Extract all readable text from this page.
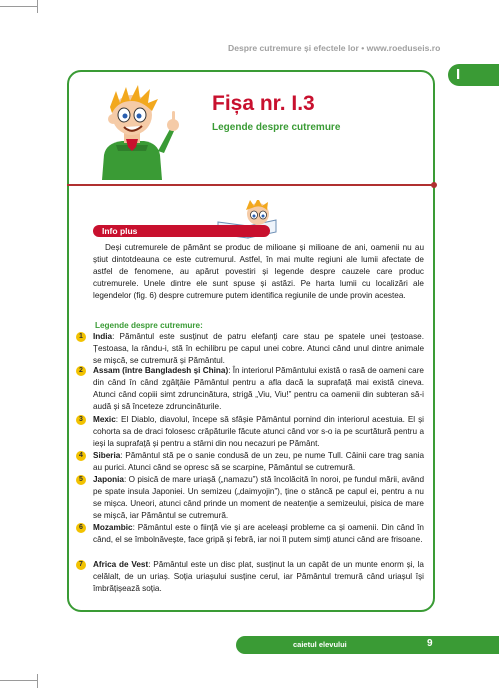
Despre cutremure și efectele lor • www.roeduseis.ro
I
Fișa nr. I.3
Legende despre cutremure
Info plus

Deși cutremurele de pământ se produc de milioane și milioane de ani, oamenii nu au știut dintotdeauna ce este cutremurul. Astfel, în mai multe regiuni ale lumii afectate de astfel de fenomene, au apărut povestiri și legende despre cauzele care produc cutremurele. Unele dintre ele sunt spuse și astăzi. Pe harta lumii cu localizări ale legendelor (fig. 6) despre cutremure putem identifica regiunile de unde provin acestea.

Legende despre cutremure:
1	India: Pământul este susținut de patru elefanți care stau pe spatele unei țestoase. Țestoasa, la rându-i, stă în echilibru pe capul unei cobre. Atunci când unul dintre animale se mișcă, se cutremură și Pământul.

2	Assam (între Bangladesh și China): În interiorul Pământului există o rasă de oameni care din când în când zgâlțâie Pământul pentru a afla dacă la suprafață mai există cineva. Atunci când copiii simt zdruncinătura, strigă „Viu, Viu!” pentru ca oamenii din subteran să-i audă și să înceteze zdruncinăturile.

3	Mexic: El Diablo, diavolul, începe să sfâșie Pământul pornind din interiorul acestuia. El și cohorta sa de draci folosesc crăpăturile făcute atunci când vor s-o ia pe scurtătură pentru a ieși la suprafață și pentru a stârni din nou necazuri pe Pământ.

4	Siberia: Pământul stă pe o sanie condusă de un zeu, pe nume Tull. Câinii care trag sania au purici. Atunci când se opresc să se scarpine, Pământul se cutremură.

5	Japonia: O pisică de mare uriașă („namazu”) stă încolăcită în noroi, pe fundul mării, având pe spate insula Japoniei. Un semizeu („daimyojin”), ține o stâncă pe capul ei, pentru a nu se mișca. Uneori, atunci când prinde un moment de neatenție a semizeului, pisica de mare se mișcă, iar Pământul se cutremură.

6	Mozambic: Pământul este o ființă vie și are aceleași probleme ca și oamenii. Din când în când, el se îmbolnăvește, face gripă și febră, iar noi îl putem simți atunci când are frisoane.

7	Africa de Vest: Pământul este un disc plat, susținut la un capăt de un munte enorm și, la celălalt, de un uriaș. Soția uriașului susține cerul, iar Pământul tremură când uriașul își îmbrățișează soția.

caietul elevului	9
